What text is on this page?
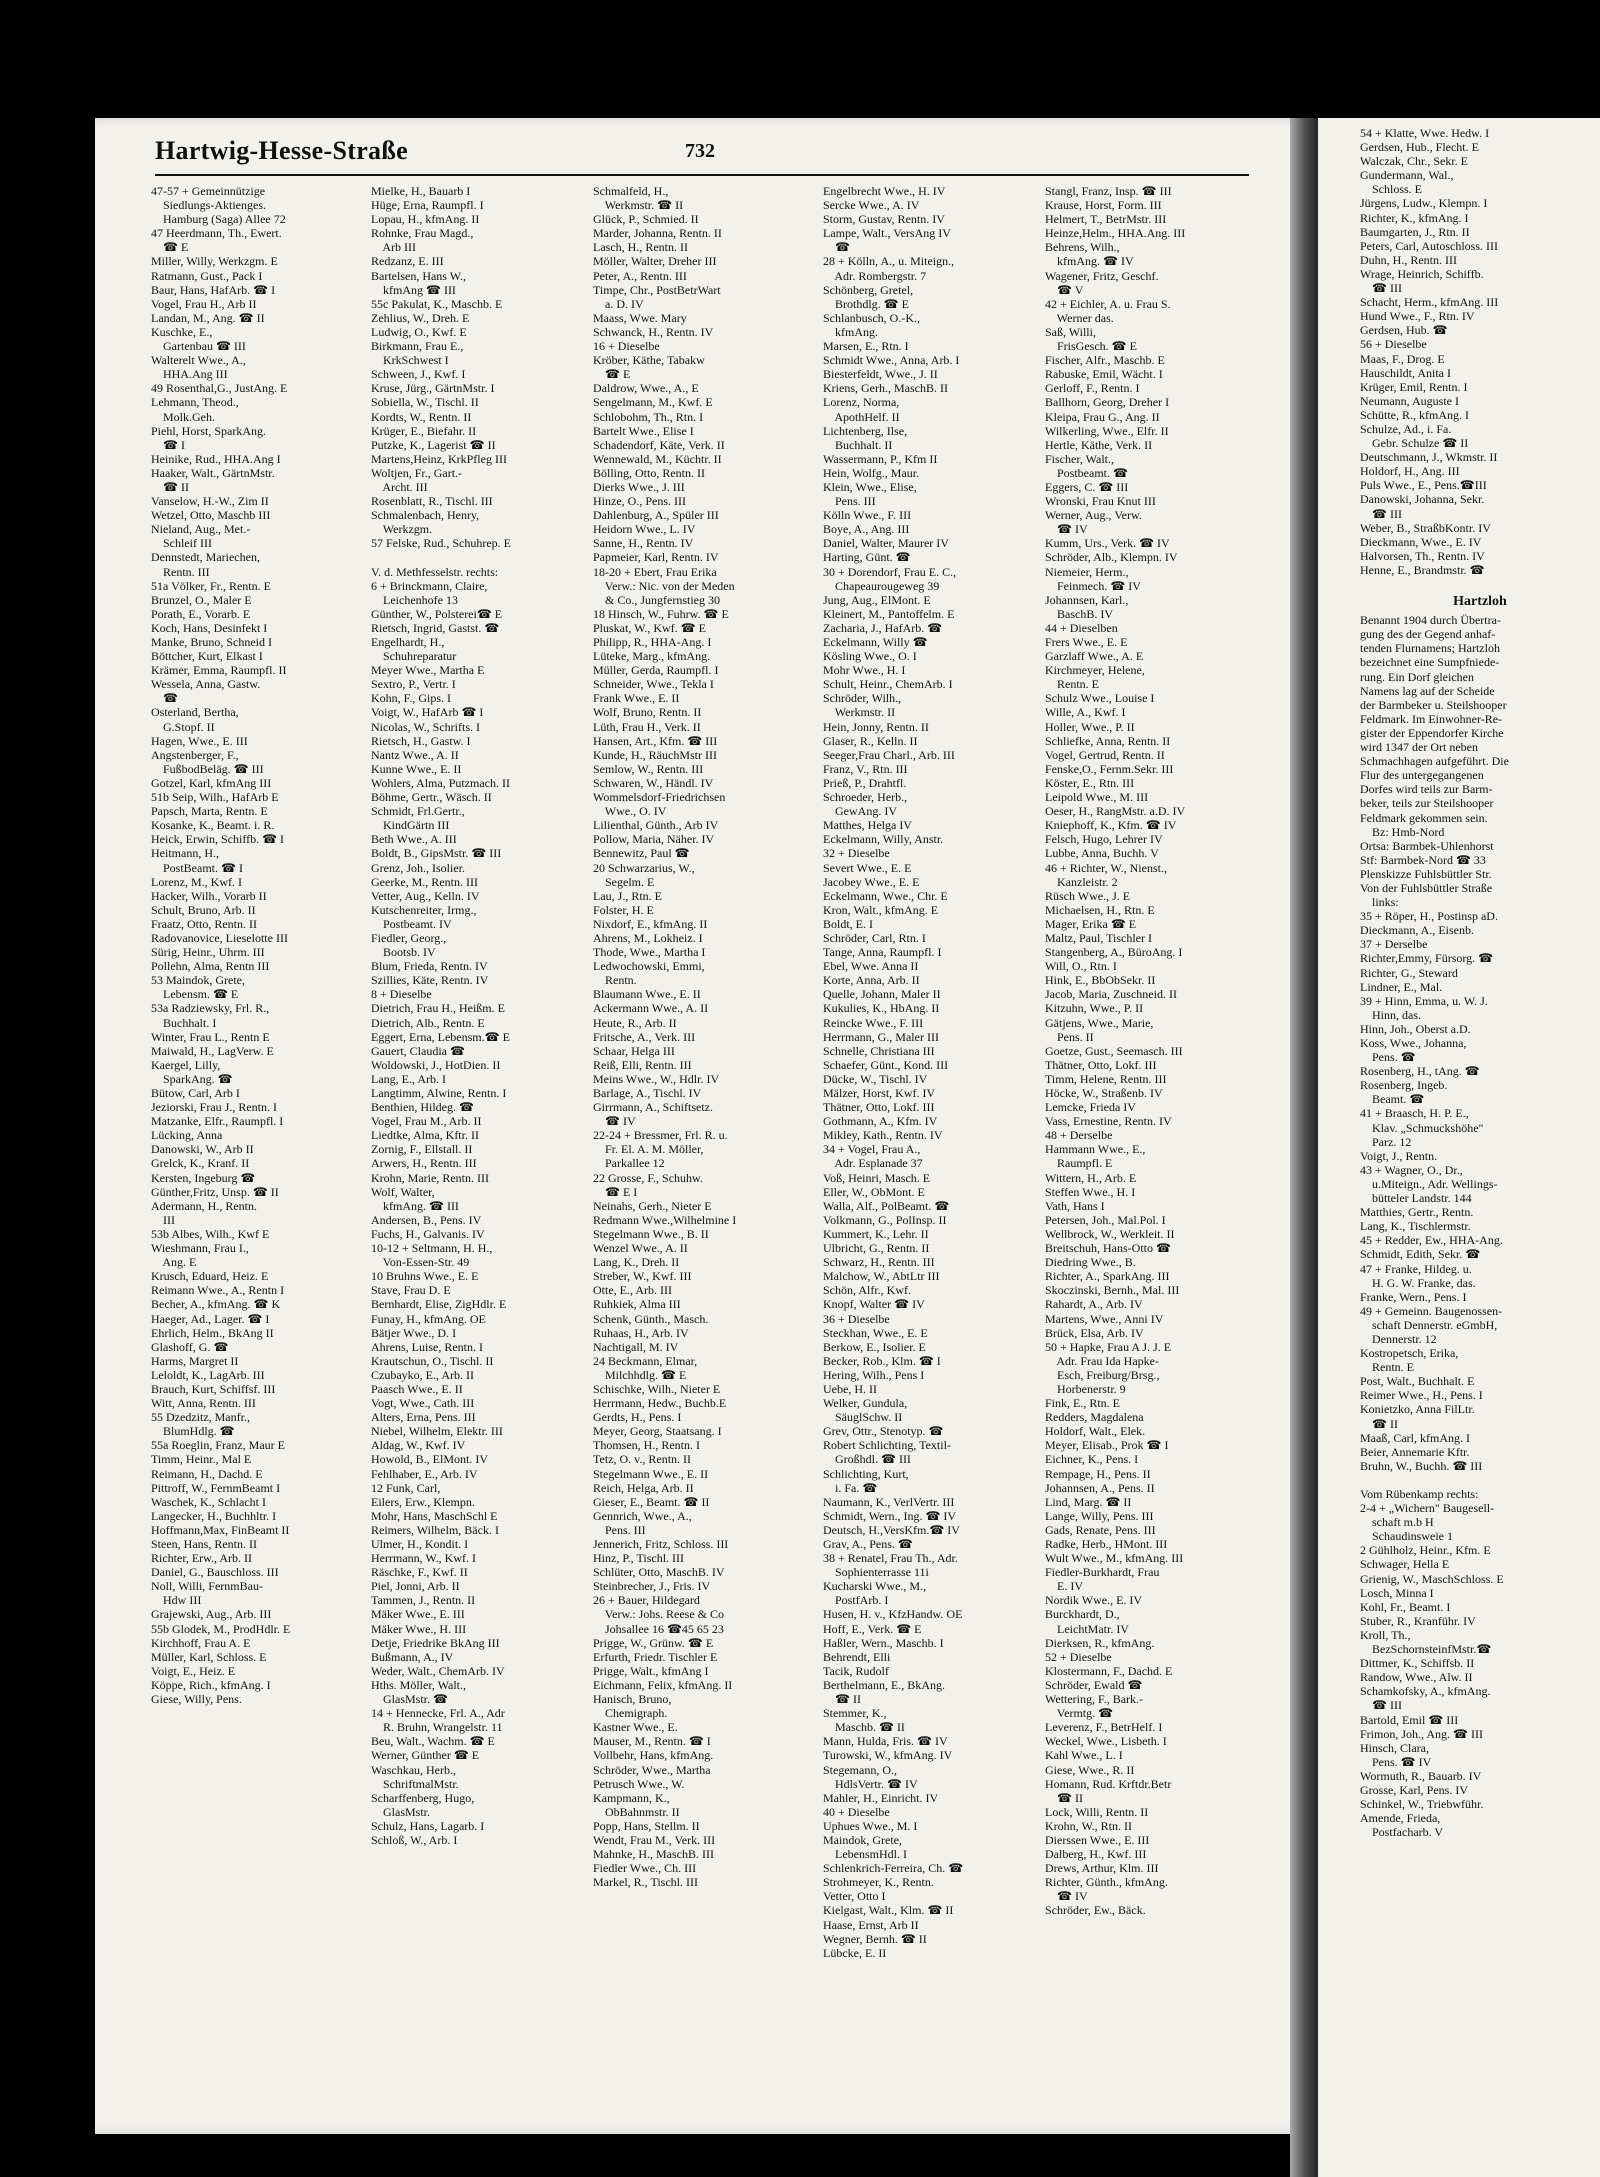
Hartwig-Hesse-Straße	732
47-57 + Gemeinnützige
Siedlungs-Aktienges.
Hamburg (Saga) Allee 72
47 Heerdmann, Th., Ewert.
☎ E
Miller, Willy, Werkzgm. E
Ratmann, Gust., Pack I
Baur, Hans, HafArb. ☎ I
Vogel, Frau H., Arb II
Landan, M., Ang. ☎ II
Kuschke, E.,
Gartenbau ☎ III
Walterelt Wwe., A.,
HHA.Ang III
49 Rosenthal,G., JustAng. E
Lehmann, Theod.,
Molk.Geh.
Piehl, Horst, SparkAng.
☎ I
Heinike, Rud., HHA.Ang I
Haaker, Walt., GärtnMstr.
☎ II
Vanselow, H.-W., Zim II
Wetzel, Otto, Maschb III
Nieland, Aug., Met.-
Schleif III
Dennstedt, Mariechen,
Rentn. III
51a Völker, Fr., Rentn. E
Brunzel, O., Maler E
Porath, E., Vorarb. E
Koch, Hans, Desinfekt I
Manke, Bruno, Schneid I
Böttcher, Kurt, Elkast I
Krämer, Emma, Raumpfl. II
Wessela, Anna, Gastw.
☎
Osterland, Bertha,
G.Stopf. II
Hagen, Wwe., E. III
Angstenberger, F.,
FußbodBeläg. ☎ III
Gotzel, Karl, kfmAng III
51b Seip, Wilh., HafArb E
Papsch, Marta, Rentn. E
Kosanke, K., Beamt. i. R.
Heick, Erwin, Schiffb. ☎ I
Heitmann, H.,
PostBeamt. ☎ I
Lorenz, M., Kwf. I
Hacker, Wilh., Vorarb II
Schult, Bruno, Arb. II
Fraatz, Otto, Rentn. II
Radovanovice, Lieselotte III
Sürig, Heinr., Uhrm. III
Pollehn, Alma, Rentn III
53 Maindok, Grete,
Lebensm. ☎ E
53a Radziewsky, Frl. R.,
Buchhalt. I
Winter, Frau L., Rentn E
Maiwald, H., LagVerw. E
Kaergel, Lilly,
SparkAng. ☎
Bütow, Carl, Arb I
Jeziorski, Frau J., Rentn. I
Matzanke, Elfr., Raumpfl. I
Lücking, Anna
Danowski, W., Arb II
Grelck, K., Kranf. II
Kersten, Ingeburg ☎
Günther,Fritz, Unsp. ☎ II
Adermann, H., Rentn.
III
53b Albes, Wilh., Kwf E
Wieshmann, Frau I.,
Ang. E
Krusch, Eduard, Heiz. E
Reimann Wwe., A., Rentn I
Becher, A., kfmAng. ☎ K
Haeger, Ad., Lager. ☎ I
Ehrlich, Helm., BkAng II
Glashoff, G. ☎
Harms, Margret II
Leloldt, K., LagArb. III
Brauch, Kurt, Schiffsf. III
Witt, Anna, Rentn. III
55 Dzedzitz, Manfr.,
BlumHdlg. ☎
55a Roeglin, Franz, Maur E
Timm, Heinr., Mal E
Reimann, H., Dachd. E
Pittroff, W., FernmBeamt I
Waschek, K., Schlacht I
Langecker, H., Buchhltr. I
Hoffmann,Max, FinBeamt II
Steen, Hans, Rentn. II
Richter, Erw., Arb. II
Daniel, G., Bauschloss. III
Noll, Willi, FernmBau-
Hdw III
Grajewski, Aug., Arb. III
55b Glodek, M., ProdHdlr. E
Kirchhoff, Frau A. E
Müller, Karl, Schloss. E
Voigt, E., Heiz. E
Köppe, Rich., kfmAng. I
Giese, Willy, Pens.
Mielke, H., Bauarb I
Hüge, Erna, Raumpfl. I
Lopau, H., kfmAng. II
Rohnke, Frau Magd.,
Arb III
Redzanz, E. III
Bartelsen, Hans W.,
kfmAng ☎ III
55c Pakulat, K., Maschb. E
Zehlius, W., Dreh. E
Ludwig, O., Kwf. E
Birkmann, Frau E.,
KrkSchwest I
Schween, J., Kwf. I
Kruse, Jürg., GärtnMstr. I
Sobiella, W., Tischl. II
Kordts, W., Rentn. II
Krüger, E., Biefahr. II
Putzke, K., Lagerist ☎ II
Martens,Heinz, KrkPfleg III
Woltjen, Fr., Gart.-
Archt. III
Rosenblatt, R., Tischl. III
Schmalenbach, Henry,
Werkzgm.
57 Felske, Rud., Schuhrep. E

V. d. Methfesselstr. rechts:
6 + Brinckmann, Claire,
Leichenhofe 13
Günther, W., Polsterei☎ E
Rietsch, Ingrid, Gastst. ☎
Engelhardt, H.,
Schuhreparatur
Meyer Wwe., Martha E
Sextro, P., Vertr. I
Kohn, F., Gips. I
Voigt, W., HafArb ☎ I
Nicolas, W., Schrifts. I
Rietsch, H., Gastw. I
Nantz Wwe., A. II
Kunne Wwe., E. II
Wohlers, Alma, Putzmach. II
Böhme, Gertr., Wäsch. II
Schmidt, Frl.Gertr.,
KindGärtn III
Beth Wwe., A. III
Boldt, B., GipsMstr. ☎ III
Grenz, Joh., Isolier.
Geerke, M., Rentn. III
Vetter, Aug., Kelln. IV
Kutschenreiter, Irmg.,
Postbeamt. IV
Fiedler, Georg.,
Bootsb. IV
Blum, Frieda, Rentn. IV
Szillies, Käte, Rentn. IV
8 + Dieselbe
Dietrich, Frau H., Heißm. E
Dietrich, Alb., Rentn. E
Eggert, Erna, Lebensm.☎ E
Gauert, Claudia ☎
Woldowski, J., HotDien. II
Lang, E., Arb. I
Langtimm, Alwine, Rentn. I
Benthien, Hildeg. ☎
Vogel, Frau M., Arb. II
Liedtke, Alma, Kftr. II
Zornig, F., Ellstall. II
Arwers, H., Rentn. III
Krohn, Marie, Rentn. III
Wolf, Walter,
kfmAng. ☎ III
Andersen, B., Pens. IV
Fuchs, H., Galvanis. IV
10-12 + Seltmann, H. H.,
Von-Essen-Str. 49
10 Bruhns Wwe., E. E
Stave, Frau D. E
Bernhardt, Elise, ZigHdlr. E
Funay, H., kfmAng. OE
Bätjer Wwe., D. I
Ahrens, Luise, Rentn. I
Krautschun, O., Tischl. II
Czubayko, E., Arb. II
Paasch Wwe., E. II
Vogt, Wwe., Cath. III
Alters, Erna, Pens. III
Niebel, Wilhelm, Elektr. III
Aldag, W., Kwf. IV
Howold, B., ElMont. IV
Fehlhaber, E., Arb. IV
12 Funk, Carl,
Eilers, Erw., Klempn.
Mohr, Hans, MaschSchl E
Reimers, Wilhelm, Bäck. I
Ulmer, H., Kondit. I
Herrmann, W., Kwf. I
Räschke, F., Kwf. II
Piel, Jonni, Arb. II
Tammen, J., Rentn. II
Mäker Wwe., E. III
Mäker Wwe., H. III
Detje, Friedrike BkAng III
Bußmann, A., IV
Weder, Walt., ChemArb. IV
Hths. Möller, Walt.,
GlasMstr. ☎
14 + Hennecke, Frl. A., Adr
R. Bruhn, Wrangelstr. 11
Beu, Walt., Wachm. ☎ E
Werner, Günther ☎ E
Waschkau, Herb.,
SchriftmalMstr.
Scharffenberg, Hugo,
GlasMstr.
Schulz, Hans, Lagarb. I
Schloß, W., Arb. I
Schmalfeld, H.,
Werkmstr. ☎ II
Glück, P., Schmied. II
Marder, Johanna, Rentn. II
Lasch, H., Rentn. II
Möller, Walter, Dreher III
Peter, A., Rentn. III
Timpe, Chr., PostBetrWart
a. D. IV
Maass, Wwe. Mary
Schwanck, H., Rentn. IV
16 + Dieselbe
Kröber, Käthe, Tabakw
☎ E
Daldrow, Wwe., A., E
Sengelmann, M., Kwf. E
Schlobohm, Th., Rtn. I
Bartelt Wwe., Elise I
Schadendorf, Käte, Verk. II
Wennewald, M., Küchtr. II
Bölling, Otto, Rentn. II
Dierks Wwe., J. III
Hinze, O., Pens. III
Dahlenburg, A., Spüler III
Heidorn Wwe., L. IV
Sanne, H., Rentn. IV
Papmeier, Karl, Rentn. IV
18-20 + Ebert, Frau Erika
Verw.: Nic. von der Meden
& Co., Jungfernstieg 30
18 Hinsch, W., Fuhrw. ☎ E
Pluskat, W., Kwf. ☎ E
Philipp, R., HHA-Ang. I
Lüteke, Marg., kfmAng.
Müller, Gerda, Raumpfl. I
Schneider, Wwe., Tekla I
Frank Wwe., E. II
Wolf, Bruno, Rentn. II
Lüth, Frau H., Verk. II
Hansen, Art., Kfm. ☎ III
Kunde, H., RäuchMstr III
Semlow, W., Rentn. III
Schwaren, W., Händl. IV
Wommelsdorf-Friedrichsen
Wwe., O. IV
Lilienthal, Günth., Arb IV
Pollow, Maria, Näher. IV
Bennewitz, Paul ☎
20 Schwarzarius, W.,
Segelm. E
Lau, J., Rtn. E
Folster, H. E
Nixdorf, E., kfmAng. II
Ahrens, M., Lokheiz. I
Thode, Wwe., Martha I
Ledwochowski, Emmi,
Rentn.
Blaumann Wwe., E. II
Ackermann Wwe., A. II
Heute, R., Arb. II
Fritsche, A., Verk. III
Schaar, Helga III
Reiß, Elli, Rentn. III
Meins Wwe., W., Hdlr. IV
Barlage, A., Tischl. IV
Girrmann, A., Schiftsetz.
☎ IV
22-24 + Bressmer, Frl. R. u.
Fr. El. A. M. Möller,
Parkallee 12
22 Grosse, F., Schuhw.
☎ E I
Neinahs, Gerh., Nieter E
Redmann Wwe.,Wilhelmine I
Stegelmann Wwe., B. II
Wenzel Wwe., A. II
Lang, K., Dreh. II
Streber, W., Kwf. III
Otte, E., Arb. III
Ruhkiek, Alma III
Schenk, Günth., Masch.
Ruhaas, H., Arb. IV
Nachtigall, M. IV
24 Beckmann, Elmar,
Milchhdlg. ☎ E
Schischke, Wilh., Nieter E
Herrmann, Hedw., Buchb.E
Gerdts, H., Pens. I
Meyer, Georg, Staatsang. I
Thomsen, H., Rentn. I
Tetz, O. v., Rentn. II
Stegelmann Wwe., E. II
Reich, Helga, Arb. II
Gieser, E., Beamt. ☎ II
Gennrich, Wwe., A.,
Pens. III
Jennerich, Fritz, Schloss. III
Hinz, P., Tischl. III
Schlüter, Otto, MaschB. IV
Steinbrecher, J., Fris. IV
26 + Bauer, Hildegard
Verw.: Johs. Reese & Co
Johsallee 16 ☎45 65 23
Prigge, W., Grünw. ☎ E
Erfurth, Friedr. Tischler E
Prigge, Walt., kfmAng I
Eichmann, Felix, kfmAng. II
Hanisch, Bruno,
Chemigraph.
Kastner Wwe., E.
Mauser, M., Rentn. ☎ I
Vollbehr, Hans, kfmAng.
Schröder, Wwe., Martha
Petrusch Wwe., W.
Kampmann, K.,
ObBahnmstr. II
Popp, Hans, Stellm. II
Wendt, Frau M., Verk. III
Mahnke, H., MaschB. III
Fiedler Wwe., Ch. III
Markel, R., Tischl. III
Engelbrecht Wwe., H. IV
Sercke Wwe., A. IV
Storm, Gustav, Rentn. IV
Lampe, Walt., VersAng IV
☎
28 + Kölln, A., u. Miteign.,
Adr. Rombergstr. 7
Schönberg, Gretel,
Brothdlg. ☎ E
Schlanbusch, O.-K.,
kfmAng.
Marsen, E., Rtn. I
Schmidt Wwe., Anna, Arb. I
Biesterfeldt, Wwe., J. II
Kriens, Gerh., MaschB. II
Lorenz, Norma,
ApothHelf. II
Lichtenberg, Ilse,
Buchhalt. II
Wassermann, P., Kfm II
Hein, Wolfg., Maur.
Klein, Wwe., Elise,
Pens. III
Kölln Wwe., F. III
Boye, A., Ang. III
Daniel, Walter, Maurer IV
Harting, Günt. ☎
30 + Dorendorf, Frau E. C.,
Chapeaurougeweg 39
Jung, Aug., ElMont. E
Kleinert, M., Pantoffelm. E
Zacharia, J., HafArb. ☎
Eckelmann, Willy ☎
Kösling Wwe., O. I
Mohr Wwe., H. I
Schult, Heinr., ChemArb. I
Schröder, Wilh.,
Werkmstr. II
Hein, Jonny, Rentn. II
Glaser, R., Kelln. II
Seeger,Frau Charl., Arb. III
Franz, V., Rtn. III
Prieß, P., Drahtfl.
Schroeder, Herb.,
GewAng. IV
Matthes, Helga IV
Eckelmann, Willy, Anstr.
32 + Dieselbe
Severt Wwe., E. E
Jacobey Wwe., E. E
Eckelmann, Wwe., Chr. E
Kron, Walt., kfmAng. E
Boldt, E. I
Schröder, Carl, Rtn. I
Tange, Anna, Raumpfl. I
Ebel, Wwe. Anna II
Korte, Anna, Arb. II
Quelle, Johann, Maler II
Kukulies, K., HbAng. II
Reincke Wwe., F. III
Herrmann, G., Maler III
Schnelle, Christiana III
Schaefer, Günt., Kond. III
Dücke, W., Tischl. IV
Mälzer, Horst, Kwf. IV
Thätner, Otto, Lokf. III
Gothmann, A., Kfm. IV
Mikley, Kath., Rentn. IV
34 + Vogel, Frau A.,
Adr. Esplanade 37
Voß, Heinri, Masch. E
Eller, W., ObMont. E
Walla, Alf., PolBeamt. ☎
Volkmann, G., PolInsp. II
Kummert, K., Lehr. II
Ulbricht, G., Rentn. II
Schwarz, H., Rentn. III
Malchow, W., AbtLtr III
Schön, Alfr., Kwf.
Knopf, Walter ☎ IV
36 + Dieselbe
Steckhan, Wwe., E. E
Berkow, E., Isolier. E
Becker, Rob., Klm. ☎ I
Hering, Wilh., Pens I
Uebe, H. II
Welker, Gundula,
SäuglSchw. II
Grev, Ottr., Stenotyp. ☎
Robert Schlichting, Textil-
Großhdl. ☎ III
Schlichting, Kurt,
i. Fa. ☎
Naumann, K., VerlVertr. III
Schmidt, Wern., Ing. ☎ IV
Deutsch, H.,VersKfm.☎ IV
Grav, A., Pens. ☎
38 + Renatel, Frau Th., Adr.
Sophienterrasse 11i
Kucharski Wwe., M.,
PostfArb. I
Husen, H. v., KfzHandw. OE
Hoff, E., Verk. ☎ E
Haßler, Wern., Maschb. I
Behrendt, Elli
Tacik, Rudolf
Berthelmann, E., BkAng.
☎ II
Stemmer, K.,
Maschb. ☎ II
Mann, Hulda, Fris. ☎ IV
Turowski, W., kfmAng. IV
Stegemann, O.,
HdlsVertr. ☎ IV
Mahler, H., Einricht. IV
40 + Dieselbe
Uphues Wwe., M. I
Maindok, Grete,
LebensmHdl. I
Schlenkrich-Ferreira, Ch. ☎
Strohmeyer, K., Rentn.
Vetter, Otto I
Kielgast, Walt., Klm. ☎ II
Haase, Ernst, Arb II
Wegner, Bernh. ☎ II
Lübcke, E. II
Stangl, Franz, Insp. ☎ III
Krause, Horst, Form. III
Helmert, T., BetrMstr. III
Heinze,Helm., HHA.Ang. III
Behrens, Wilh.,
kfmAng. ☎ IV
Wagener, Fritz, Geschf.
☎ V
42 + Eichler, A. u. Frau S.
Werner das.
Saß, Willi,
FrisGesch. ☎ E
Fischer, Alfr., Maschb. E
Rabuske, Emil, Wächt. I
Gerloff, F., Rentn. I
Ballhorn, Georg, Dreher I
Kleipa, Frau G., Ang. II
Wilkerling, Wwe., Elfr. II
Hertle, Käthe, Verk. II
Fischer, Walt.,
Postbeamt. ☎
Eggers, C. ☎ III
Wronski, Frau Knut III
Werner, Aug., Verw.
☎ IV
Kumm, Urs., Verk. ☎ IV
Schröder, Alb., Klempn. IV
Niemeier, Herm.,
Feinmech. ☎ IV
Johannsen, Karl.,
BaschB. IV
44 + Dieselben
Frers Wwe., E. E
Garzlaff Wwe., A. E
Kirchmeyer, Helene,
Rentn. E
Schulz Wwe., Louise I
Wille, A., Kwf. I
Holler, Wwe., P. II
Schliefke, Anna, Rentn. II
Vogel, Gertrud, Rentn. II
Fenske,O., Fernm.Sekr. III
Köster, E., Rtn. III
Leipold Wwe., M. III
Oeser, H., RangMstr. a.D. IV
Kniephoff, K., Kfm. ☎ IV
Felsch, Hugo, Lehrer IV
Lubbe, Anna, Buchh. V
46 + Richter, W., Nienst.,
Kanzleistr. 2
Rüsch Wwe., J. E
Michaelsen, H., Rtn. E
Mager, Erika ☎ E
Maltz, Paul, Tischler I
Stangenberg, A., BüroAng. I
Will, O., Rtn. I
Hink, E., BbObSekr. II
Jacob, Maria, Zuschneid. II
Kitzuhn, Wwe., P. II
Gätjens, Wwe., Marie,
Pens. II
Goetze, Gust., Seemasch. III
Thätner, Otto, Lokf. III
Timm, Helene, Rentn. III
Höcke, W., Straßenb. IV
Lemcke, Frieda IV
Vass, Ernestine, Rentn. IV
48 + Derselbe
Hammann Wwe., E.,
Raumpfl. E
Wittern, H., Arb. E
Steffen Wwe., H. I
Vath, Hans I
Petersen, Joh., Mal.Pol. I
Wellbrock, W., Werkleit. II
Breitschuh, Hans-Otto ☎
Diedring Wwe., B.
Richter, A., SparkAng. III
Skoczinski, Bernh., Mal. III
Rahardt, A., Arb. IV
Martens, Wwe., Anni IV
Brück, Elsa, Arb. IV
50 + Hapke, Frau A J. J. E
Adr. Frau Ida Hapke-
Esch, Freiburg/Brsg.,
Horbenerstr. 9
Fink, E., Rtn. E
Redders, Magdalena
Holdorf, Walt., Elek.
Meyer, Elisab., Prok ☎ I
Eichner, K., Pens. I
Rempage, H., Pens. II
Johannsen, A., Pens. II
Lind, Marg. ☎ II
Lange, Willy, Pens. III
Gads, Renate, Pens. III
Radke, Herb., HMont. III
Wult Wwe., M., kfmAng. III
Fiedler-Burkhardt, Frau
E. IV
Nordik Wwe., E. IV
Burckhardt, D.,
LeichtMatr. IV
Dierksen, R., kfmAng.
52 + Dieselbe
Klostermann, F., Dachd. E
Schröder, Ewald ☎
Wettering, F., Bark.-
Vermtg. ☎
Leverenz, F., BetrHelf. I
Weckel, Wwe., Lisbeth. I
Kahl Wwe., L. I
Giese, Wwe., R. II
Homann, Rud. Krftdr.Betr
☎ II
Lock, Willi, Rentn. II
Krohn, W., Rtn. II
Dierssen Wwe., E. III
Dalberg, H., Kwf. III
Drews, Arthur, Klm. III
Richter, Günth., kfmAng.
☎ IV
Schröder, Ew., Bäck.
54 + Klatte, Wwe. Hedw. I
Gerdsen, Hub., Flecht. E
Walczak, Chr., Sekr. E
Gundermann, Wal.,
Schloss. E
Jürgens, Ludw., Klempn. I
Richter, K., kfmAng. I
Baumgarten, J., Rtn. II
Peters, Carl, Autoschloss. III
Duhn, H., Rentn. III
Wrage, Heinrich, Schiffb.
☎ III
Schacht, Herm., kfmAng. III
Hund Wwe., F., Rtn. IV
Gerdsen, Hub. ☎
56 + Dieselbe
Maas, F., Drog. E
Hauschildt, Anita I
Krüger, Emil, Rentn. I
Neumann, Auguste I
Schütte, R., kfmAng. I
Schulze, Ad., i. Fa.
Gebr. Schulze ☎ II
Deutschmann, J., Wkmstr. II
Holdorf, H., Ang. III
Puls Wwe., E., Pens.☎III
Danowski, Johanna, Sekr.
☎ III
Weber, B., StraßbKontr. IV
Dieckmann, Wwe., E. IV
Halvorsen, Th., Rentn. IV
Henne, E., Brandmstr. ☎

Hartzloh
Benannt 1904 durch Übertra-
gung des der Gegend anhaf-
tenden Flurnamens; Hartzloh
bezeichnet eine Sumpfniede-
rung. Ein Dorf gleichen
Namens lag auf der Scheide
der Barmbeker u. Steilshooper
Feldmark. Im Einwohner-Re-
gister der Eppendorfer Kirche
wird 1347 der Ort neben
Schmachhagen aufgeführt. Die
Flur des untergegangenen
Dorfes wird teils zur Barm-
beker, teils zur Steilshooper
Feldmark gekommen sein.
Bz: Hmb-Nord
Ortsa: Barmbek-Uhlenhorst
Stf: Barmbek-Nord ☎ 33
Plenskizze Fuhlsbüttler Str.
Von der Fuhlsbüttler Straße
links:
35 + Röper, H., Postinsp aD.
Dieckmann, A., Eisenb.
37 + Derselbe
Richter,Emmy, Fürsorg. ☎
Richter, G., Steward
Lindner, E., Mal.
39 + Hinn, Emma, u. W. J.
Hinn, das.
Hinn, Joh., Oberst a.D.
Koss, Wwe., Johanna,
Pens. ☎
Rosenberg, H., tAng. ☎
Rosenberg, Ingeb.
Beamt. ☎
41 + Braasch, H. P. E.,
Klav. „Schmuckshöhe"
Parz. 12
Voigt, J., Rentn.
43 + Wagner, O., Dr.,
u.Miteign., Adr. Wellings-
bütteler Landstr. 144
Matthies, Gertr., Rentn.
Lang, K., Tischlermstr.
45 + Redder, Ew., HHA-Ang.
Schmidt, Edith, Sekr. ☎
47 + Franke, Hildeg. u.
H. G. W. Franke, das.
Franke, Wern., Pens. I
49 + Gemeinn. Baugenossen-
schaft Dennerstr. eGmbH,
Dennerstr. 12
Kostropetsch, Erika,
Rentn. E
Post, Walt., Buchhalt. E
Reimer Wwe., H., Pens. I
Konietzko, Anna FilLtr.
☎ II
Maaß, Carl, kfmAng. I
Beier, Annemarie Kftr.
Bruhn, W., Buchh. ☎ III

Vom Rübenkamp rechts:
2-4 + „Wichern" Baugesell-
schaft m.b H
Schaudinsweie 1
2 Gühlholz, Heinr., Kfm. E
Schwager, Hella E
Grienig, W., MaschSchloss. E
Losch, Minna I
Kohl, Fr., Beamt. I
Stuber, R., Kranführ. IV
Kroll, Th.,
BezSchornsteinfMstr.☎
Dittmer, K., Schiffsb. II
Randow, Wwe., Alw. II
Schamkofsky, A., kfmAng.
☎ III
Bartold, Emil ☎ III
Frimon, Joh., Ang. ☎ III
Hinsch, Clara,
Pens. ☎ IV
Wormuth, R., Bauarb. IV
Grosse, Karl, Pens. IV
Schinkel, W., Triebwführ.
Amende, Frieda,
Postfacharb. V
